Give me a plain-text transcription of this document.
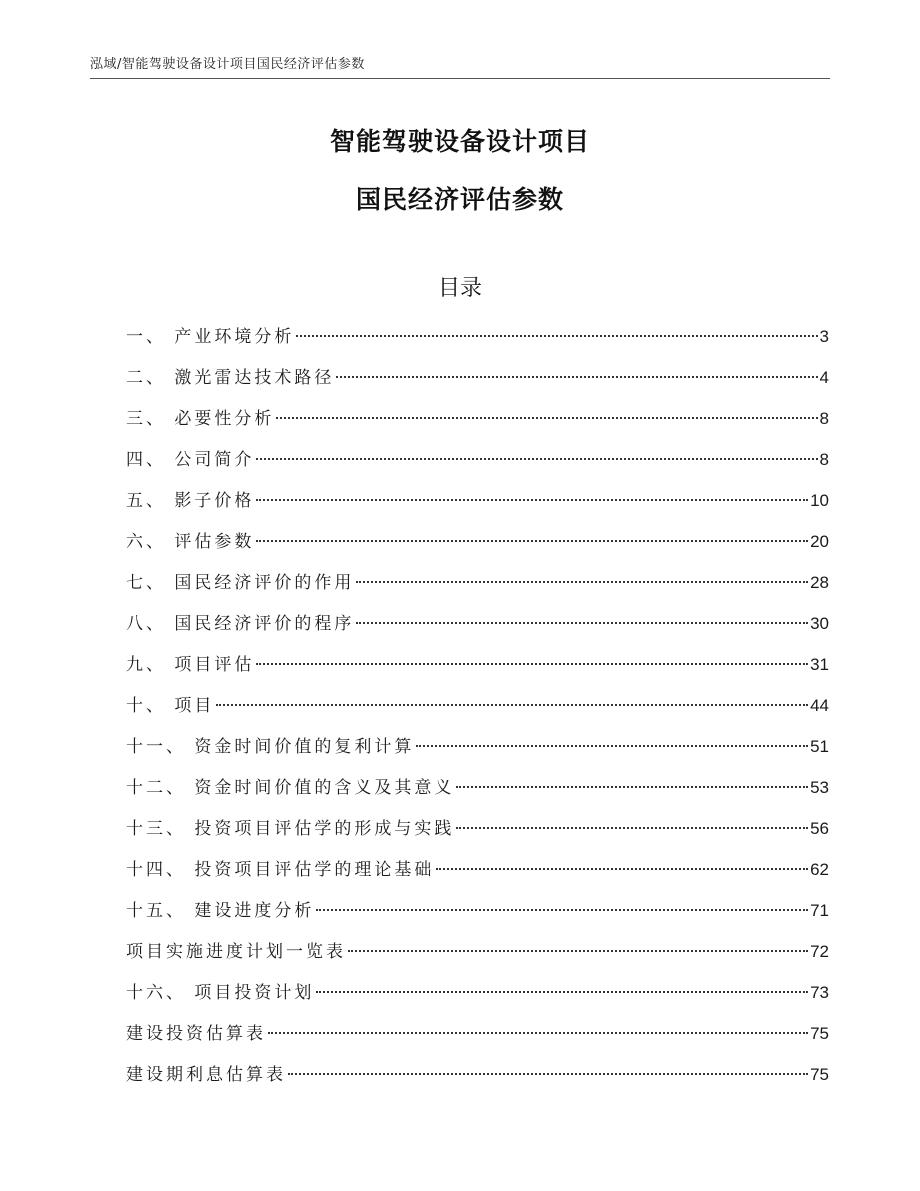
泓域/智能驾驶设备设计项目国民经济评估参数
智能驾驶设备设计项目
国民经济评估参数
目录
一、 产业环境分析	3
二、 激光雷达技术路径	4
三、 必要性分析	8
四、 公司简介	8
五、 影子价格	10
六、 评估参数	20
七、 国民经济评价的作用	28
八、 国民经济评价的程序	30
九、 项目评估	31
十、 项目	44
十一、 资金时间价值的复利计算	51
十二、 资金时间价值的含义及其意义	53
十三、 投资项目评估学的形成与实践	56
十四、 投资项目评估学的理论基础	62
十五、 建设进度分析	71
项目实施进度计划一览表	72
十六、 项目投资计划	73
建设投资估算表	75
建设期利息估算表	75
